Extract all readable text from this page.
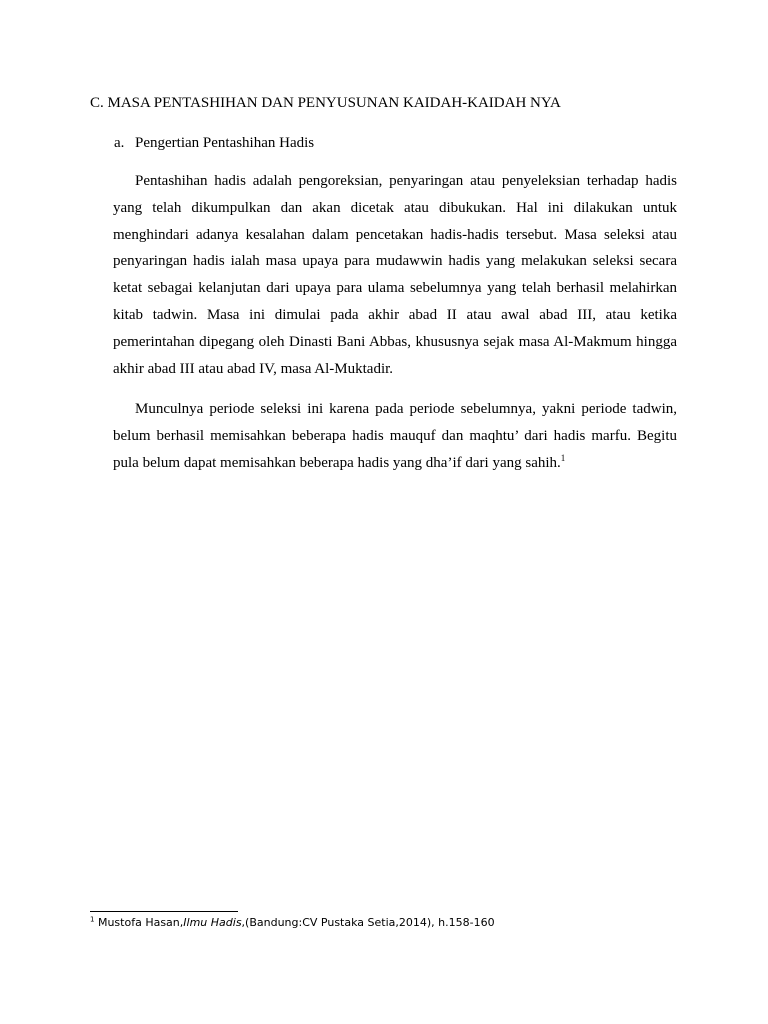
C. MASA PENTASHIHAN DAN PENYUSUNAN KAIDAH-KAIDAH NYA
a. Pengertian Pentashihan Hadis

Pentashihan hadis adalah pengoreksian, penyaringan atau penyeleksian terhadap hadis yang telah dikumpulkan dan akan dicetak atau dibukukan. Hal ini dilakukan untuk menghindari adanya kesalahan dalam pencetakan hadis-hadis tersebut. Masa seleksi atau penyaringan hadis ialah masa upaya para mudawwin hadis yang melakukan seleksi secara ketat sebagai kelanjutan dari upaya para ulama sebelumnya yang telah berhasil melahirkan kitab tadwin. Masa ini dimulai pada akhir abad II atau awal abad III, atau ketika pemerintahan dipegang oleh Dinasti Bani Abbas, khususnya sejak masa Al-Makmum hingga akhir abad III atau abad IV, masa Al-Muktadir.

Munculnya periode seleksi ini karena pada periode sebelumnya, yakni periode tadwin, belum berhasil memisahkan beberapa hadis mauquf dan maqhtu’ dari hadis marfu. Begitu pula belum dapat memisahkan beberapa hadis yang dha’if dari yang sahih.$^1$

$^1$ Mustofa Hasan,Ilmu Hadis,(Bandung:CV Pustaka Setia,2014), h.158-160
